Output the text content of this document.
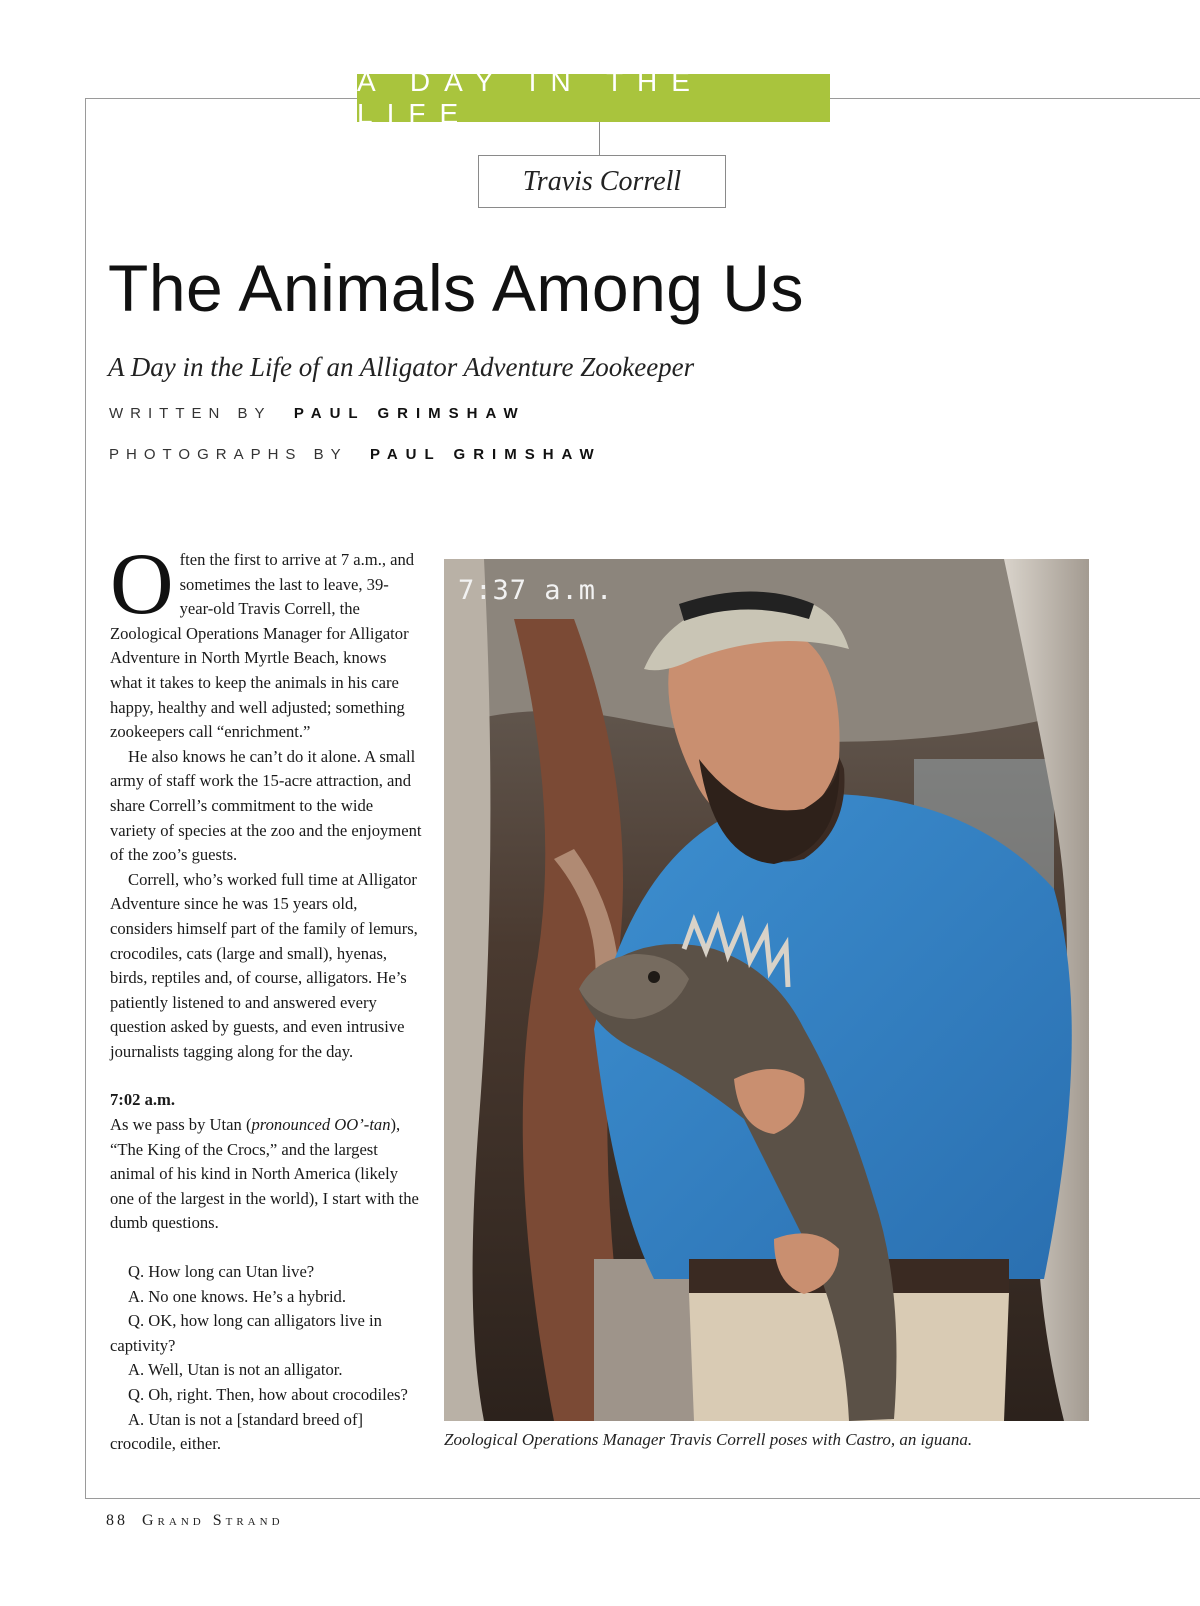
A DAY IN THE LIFE
Travis Correll
The Animals Among Us
A Day in the Life of an Alligator Adventure Zookeeper
WRITTEN BY PAUL GRIMSHAW
PHOTOGRAPHS BY PAUL GRIMSHAW

Often the first to arrive at 7 a.m., and sometimes the last to leave, 39-year-old Travis Correll, the Zoological Operations Manager for Alligator Adventure in North Myrtle Beach, knows what it takes to keep the animals in his care happy, healthy and well adjusted; something zookeepers call “enrichment.”

He also knows he can’t do it alone. A small army of staff work the 15-acre attraction, and share Correll’s commitment to the wide variety of species at the zoo and the enjoyment of the zoo’s guests.

Correll, who’s worked full time at Alligator Adventure since he was 15 years old, considers himself part of the family of lemurs, crocodiles, cats (large and small), hyenas, birds, reptiles and, of course, alligators. He’s patiently listened to and answered every question asked by guests, and even intrusive journalists tagging along for the day.

7:02 a.m.

As we pass by Utan (pronounced OO’-tan), “The King of the Crocs,” and the largest animal of his kind in North America (likely one of the largest in the world), I start with the dumb questions.

Q. How long can Utan live?

A. No one knows. He’s a hybrid.

Q. OK, how long can alligators live in captivity?

A. Well, Utan is not an alligator.

Q. Oh, right. Then, how about crocodiles?

A. Utan is not a [standard breed of] crocodile, either.

7:37 a.m.
Zoological Operations Manager Travis Correll poses with Castro, an iguana.
88 Grand Strand
